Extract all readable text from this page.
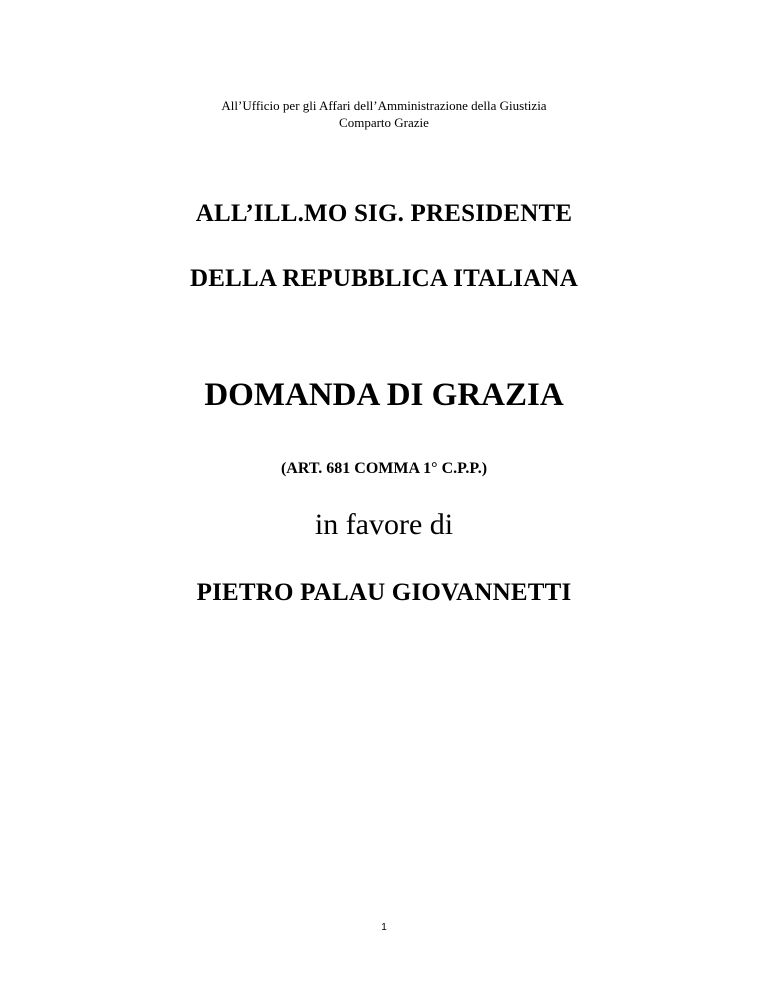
All’Ufficio per gli Affari dell’Amministrazione della Giustizia
Comparto Grazie
ALL’ILL.MO SIG. PRESIDENTE
DELLA REPUBBLICA ITALIANA
DOMANDA DI GRAZIA
(ART. 681 COMMA 1° C.P.P.)
in favore di
PIETRO PALAU GIOVANNETTI
1
